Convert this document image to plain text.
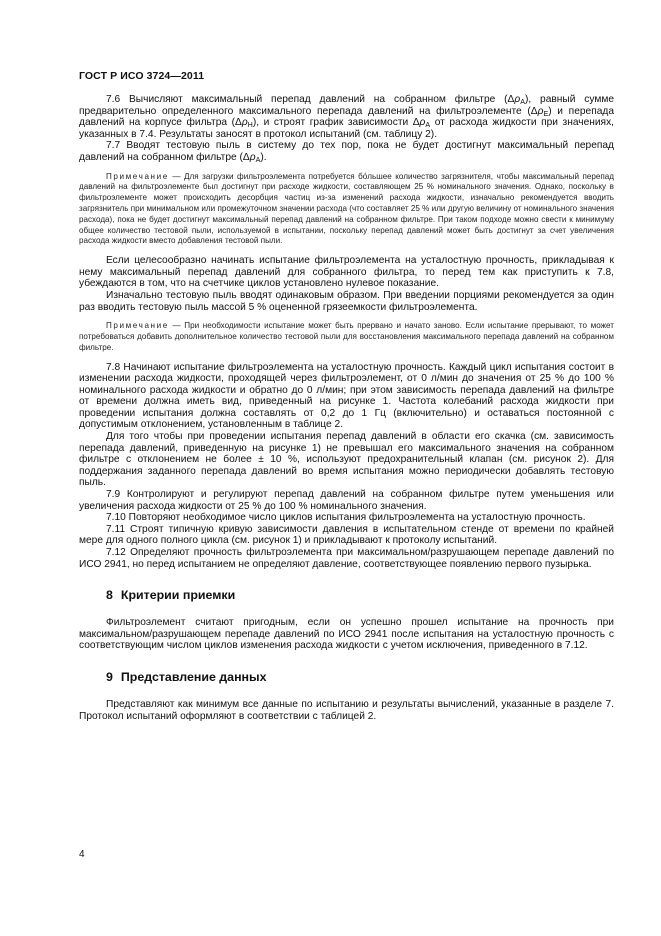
ГОСТ Р ИСО 3724—2011

7.6 Вычисляют максимальный перепад давлений на собранном фильтре $(\Delta\rho_A)$, равный сумме предварительно определенного максимального перепада давлений на фильтроэлементе $(\Delta\rho_E)$ и перепада давлений на корпусе фильтра $(\Delta\rho_H)$, и строят график зависимости $\Delta\rho_A$ от расхода жидкости при значениях, указанных в 7.4. Результаты заносят в протокол испытаний (см. таблицу 2).

7.7 Вводят тестовую пыль в систему до тех пор, пока не будет достигнут максимальный перепад давлений на собранном фильтре $(\Delta\rho_A)$.

Примечание — Для загрузки фильтроэлемента потребуется бо́льшее количество загрязнителя, чтобы максимальный перепад давлений на фильтроэлементе был достигнут при расходе жидкости, составляющем 25 % номинального значения. Однако, поскольку в фильтроэлементе может происходить десорбция частиц из-за изменений расхода жидкости, изначально рекомендуется вводить загрязнитель при минимальном или промежуточном значении расхода (что составляет 25 % или другую величину от номинального значения расхода), пока не будет достигнут максимальный перепад давлений на собранном фильтре. При таком подходе можно свести к минимуму общее количество тестовой пыли, используемой в испытании, поскольку перепад давлений может быть достигнут за счет увеличения расхода жидкости вместо добавления тестовой пыли.

Если целесообразно начинать испытание фильтроэлемента на усталостную прочность, прикладывая к нему максимальный перепад давлений для собранного фильтра, то перед тем как приступить к 7.8, убеждаются в том, что на счетчике циклов установлено нулевое показание.

Изначально тестовую пыль вводят одинаковым образом. При введении порциями рекомендуется за один раз вводить тестовую пыль массой 5 % оцененной грязеемкости фильтроэлемента.

Примечание — При необходимости испытание может быть прервано и начато заново. Если испытание прерывают, то может потребоваться добавить дополнительное количество тестовой пыли для восстановления максимального перепада давлений на собранном фильтре.

7.8 Начинают испытание фильтроэлемента на усталостную прочность. Каждый цикл испытания состоит в изменении расхода жидкости, проходящей через фильтроэлемент, от 0 л/мин до значения от 25 % до 100 % номинального расхода жидкости и обратно до 0 л/мин; при этом зависимость перепада давлений на фильтре от времени должна иметь вид, приведенный на рисунке 1. Частота колебаний расхода жидкости при проведении испытания должна составлять от 0,2 до 1 Гц (включительно) и оставаться постоянной с допустимым отклонением, установленным в таблице 2.

Для того чтобы при проведении испытания перепад давлений в области его скачка (см. зависимость перепада давлений, приведенную на рисунке 1) не превышал его максимального значения на собранном фильтре с отклонением не более ± 10 %, используют предохранительный клапан (см. рисунок 2). Для поддержания заданного перепада давлений во время испытания можно периодически добавлять тестовую пыль.

7.9 Контролируют и регулируют перепад давлений на собранном фильтре путем уменьшения или увеличения расхода жидкости от 25 % до 100 % номинального значения.

7.10 Повторяют необходимое число циклов испытания фильтроэлемента на усталостную прочность.

7.11 Строят типичную кривую зависимости давления в испытательном стенде от времени по крайней мере для одного полного цикла (см. рисунок 1) и прикладывают к протоколу испытаний.

7.12 Определяют прочность фильтроэлемента при максимальном/разрушающем перепаде давлений по ИСО 2941, но перед испытанием не определяют давление, соответствующее появлению первого пузырька.

8 Критерии приемки

Фильтроэлемент считают пригодным, если он успешно прошел испытание на прочность при максимальном/разрушающем перепаде давлений по ИСО 2941 после испытания на усталостную прочность с соответствующим числом циклов изменения расхода жидкости с учетом исключения, приведенного в 7.12.

9 Представление данных

Представляют как минимум все данные по испытанию и результаты вычислений, указанные в разделе 7. Протокол испытаний оформляют в соответствии с таблицей 2.

4
